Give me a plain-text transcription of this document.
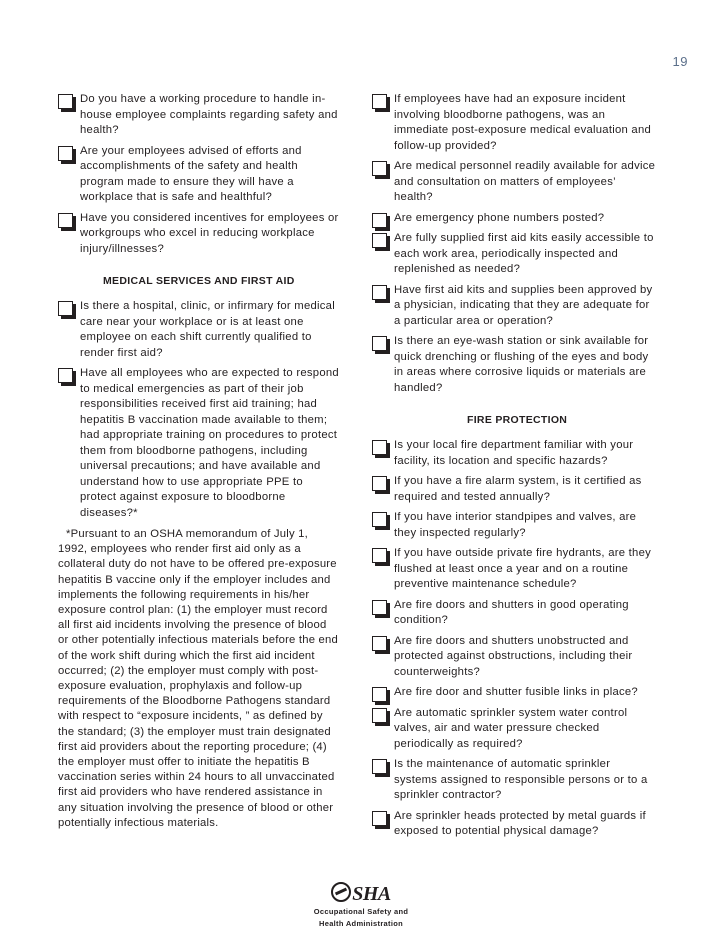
19
Do you have a working procedure to handle in-house employee complaints regarding safety and health?
Are your employees advised of efforts and accomplishments of the safety and health program made to ensure they will have a workplace that is safe and healthful?
Have you considered incentives for employees or workgroups who excel in reducing workplace injury/illnesses?
MEDICAL SERVICES AND FIRST AID
Is there a hospital, clinic, or infirmary for medical care near your workplace or is at least one employee on each shift currently qualified to render first aid?
Have all employees who are expected to respond to medical emergencies as part of their job responsibilities received first aid training; had hepatitis B vaccination made available to them; had appropriate training on procedures to protect them from bloodborne pathogens, including universal precautions; and have available and understand how to use appropriate PPE to protect against exposure to bloodborne diseases?*
*Pursuant to an OSHA memorandum of July 1, 1992, employees who render first aid only as a collateral duty do not have to be offered pre-exposure hepatitis B vaccine only if the employer includes and implements the following requirements in his/her exposure control plan: (1) the employer must record all first aid incidents involving the presence of blood or other potentially infectious materials before the end of the work shift during which the first aid incident occurred; (2) the employer must comply with post-exposure evaluation, prophylaxis and follow-up requirements of the Bloodborne Pathogens standard with respect to “exposure incidents, ” as defined by the standard; (3) the employer must train designated first aid providers about the reporting procedure; (4) the employer must offer to initiate the hepatitis B vaccination series within 24 hours to all unvaccinated first aid providers who have rendered assistance in any situation involving the presence of blood or other potentially infectious materials.
If employees have had an exposure incident involving bloodborne pathogens, was an immediate post-exposure medical evaluation and follow-up provided?
Are medical personnel readily available for advice and consultation on matters of employees’ health?
Are emergency phone numbers posted?
Are fully supplied first aid kits easily accessible to each work area, periodically inspected and replenished as needed?
Have first aid kits and supplies been approved by a physician, indicating that they are adequate for a particular area or operation?
Is there an eye-wash station or sink available for quick drenching or flushing of the eyes and body in areas where corrosive liquids or materials are handled?
FIRE PROTECTION
Is your local fire department familiar with your facility, its location and specific hazards?
If you have a fire alarm system, is it certified as required and tested annually?
If you have interior standpipes and valves, are they inspected regularly?
If you have outside private fire hydrants, are they flushed at least once a year and on a routine preventive maintenance schedule?
Are fire doors and shutters in good operating condition?
Are fire doors and shutters unobstructed and protected against obstructions, including their counterweights?
Are fire door and shutter fusible links in place?
Are automatic sprinkler system water control valves, air and water pressure checked periodically as required?
Is the maintenance of automatic sprinkler systems assigned to responsible persons or to a sprinkler contractor?
Are sprinkler heads protected by metal guards if exposed to potential physical damage?
SHA
Occupational Safety and
Health Administration
